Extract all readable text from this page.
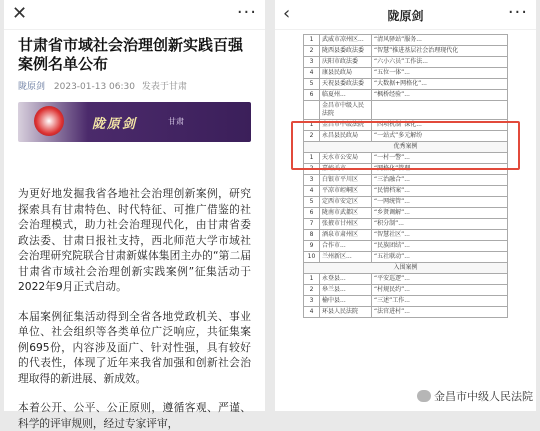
✕	···
甘肃省市域社会治理创新实践百强案例名单公布
陇原剑 2023-01-13 06:30 发表于甘肃
陇原剑	甘肃
为更好地发掘我省各地社会治理创新案例，研究探索具有甘肃特色、时代特征、可推广借鉴的社会治理模式，助力社会治理现代化，由甘肃省委政法委、甘肃日报社支持，西北师范大学市域社会治理研究院联合甘肃新媒体集团主办的“第二届甘肃省市域社会治理创新实践案例”征集活动于2022年9月正式启动。
本届案例征集活动得到全省各地党政机关、事业单位、社会组织等各类单位广泛响应，共征集案例695份，内容涉及面广、针对性强，具有较好的代表性，体现了近年来我省加强和创新社会治理取得的新进展、新成效。
本着公开、公平、公正原则，遵循客观、严谨、科学的评审规则，经过专家评审，
‹	陇原剑	···
1	武威市凉州区...	“清风驿站”服务...
2	陇西县委政法委	“智慧”推进基层社会治理现代化
3	庆阳市政法委	“六小六员”工作法...
4	康县民政局	“五位一体”...
5	天祝县委政法委	“大数据+网格化”...
6	临夏州...	“枫桥经验”...
	金昌市中级人民法院	
1	金昌市中级法院	“四项机制”深化...
2	永昌县民政局	“一站式”多元解纷
优秀案例		
1	天水市公安局	“一村一警”...
2	嘉峪关市...	“网格化”管理...
3	白银市平川区	“三治融合”...
4	平凉市崆峒区	“民情档案”...
5	定西市安定区	“一网统管”...
6	陇南市武都区	“乡贤调解”...
7	张掖市甘州区	“积分制”...
8	酒泉市肃州区	“智慧社区”...
9	合作市...	“民族团结”...
10	兰州新区...	“五社联动”...
入围案例		
1	永登县...	“平安巡逻”...
2	皋兰县...	“村规民约”...
3	榆中县...	“三述”工作...
4	环县人民法院	“法官进村”...
金昌市中级人民法院
